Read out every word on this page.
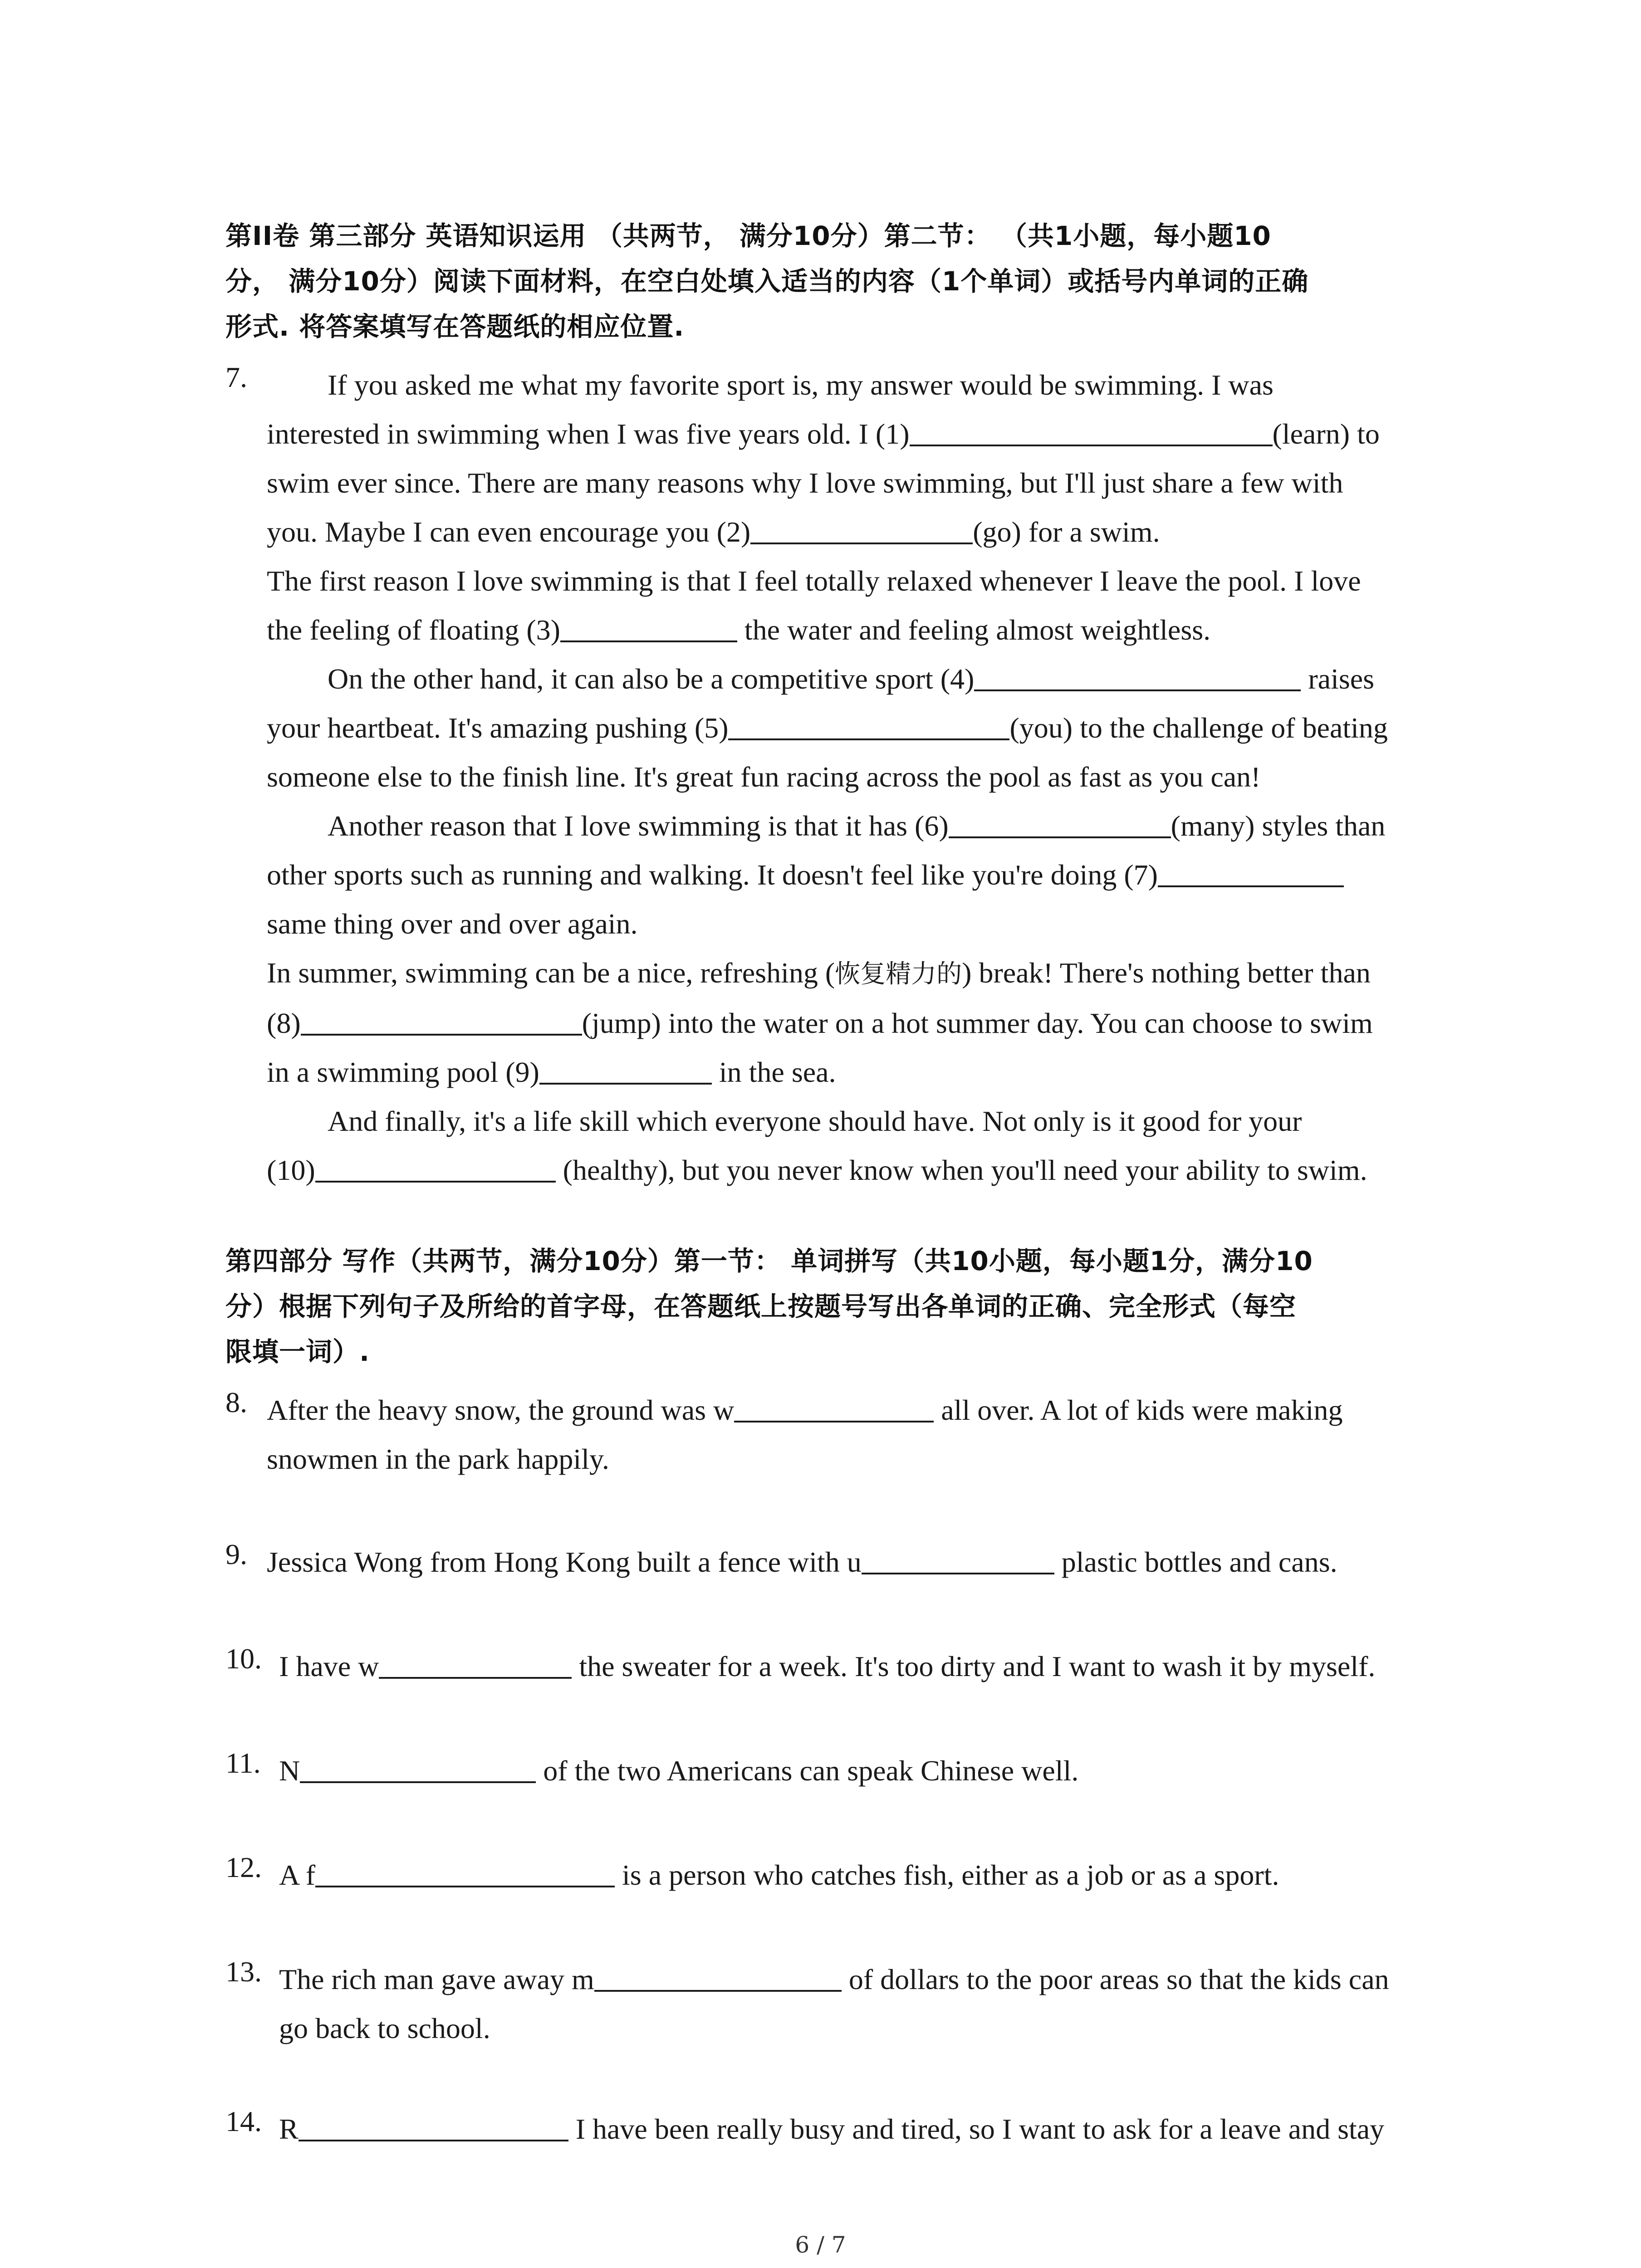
第II卷 第三部分 英语知识运用 （共两节， 满分10分）第二节： （共1小题，每小题10
分， 满分10分）阅读下面材料，在空白处填入适当的内容（1个单词）或括号内单词的正确
形式. 将答案填写在答题纸的相应位置.
7.	If you asked me what my favorite sport is, my answer would be swimming. I was
interested in swimming when I was five years old. I (1)	(learn) to
swim ever since. There are many reasons why I love swimming, but I'll just share a few with
you. Maybe I can even encourage you (2)	(go) for a swim.
The first reason I love swimming is that I feel totally relaxed whenever I leave the pool. I love
the feeling of floating (3)	the water and feeling almost weightless.
On the other hand, it can also be a competitive sport (4)	raises
your heartbeat. It's amazing pushing (5)	(you) to the challenge of beating
someone else to the finish line. It's great fun racing across the pool as fast as you can!
Another reason that I love swimming is that it has (6)	(many) styles than
other sports such as running and walking. It doesn't feel like you're doing (7)
same thing over and over again.
In summer, swimming can be a nice, refreshing (恢复精力的) break! There's nothing better than
(8)	(jump) into the water on a hot summer day. You can choose to swim
in a swimming pool (9)	in the sea.
And finally, it's a life skill which everyone should have. Not only is it good for your
(10)	(healthy), but you never know when you'll need your ability to swim.
第四部分 写作（共两节，满分10分）第一节： 单词拼写（共10小题，每小题1分，满分10
分）根据下列句子及所给的首字母，在答题纸上按题号写出各单词的正确、完全形式（每空
限填一词）.
8. After the heavy snow, the ground was w	all over. A lot of kids were making
snowmen in the park happily.
9. Jessica Wong from Hong Kong built a fence with u	plastic bottles and cans.
10. I have w	the sweater for a week. It's too dirty and I want to wash it by myself.
11. N	of the two Americans can speak Chinese well.
12. A f	is a person who catches fish, either as a job or as a sport.
13. The rich man gave away m	of dollars to the poor areas so that the kids can
go back to school.
14. R	I have been really busy and tired, so I want to ask for a leave and stay
6 / 7
